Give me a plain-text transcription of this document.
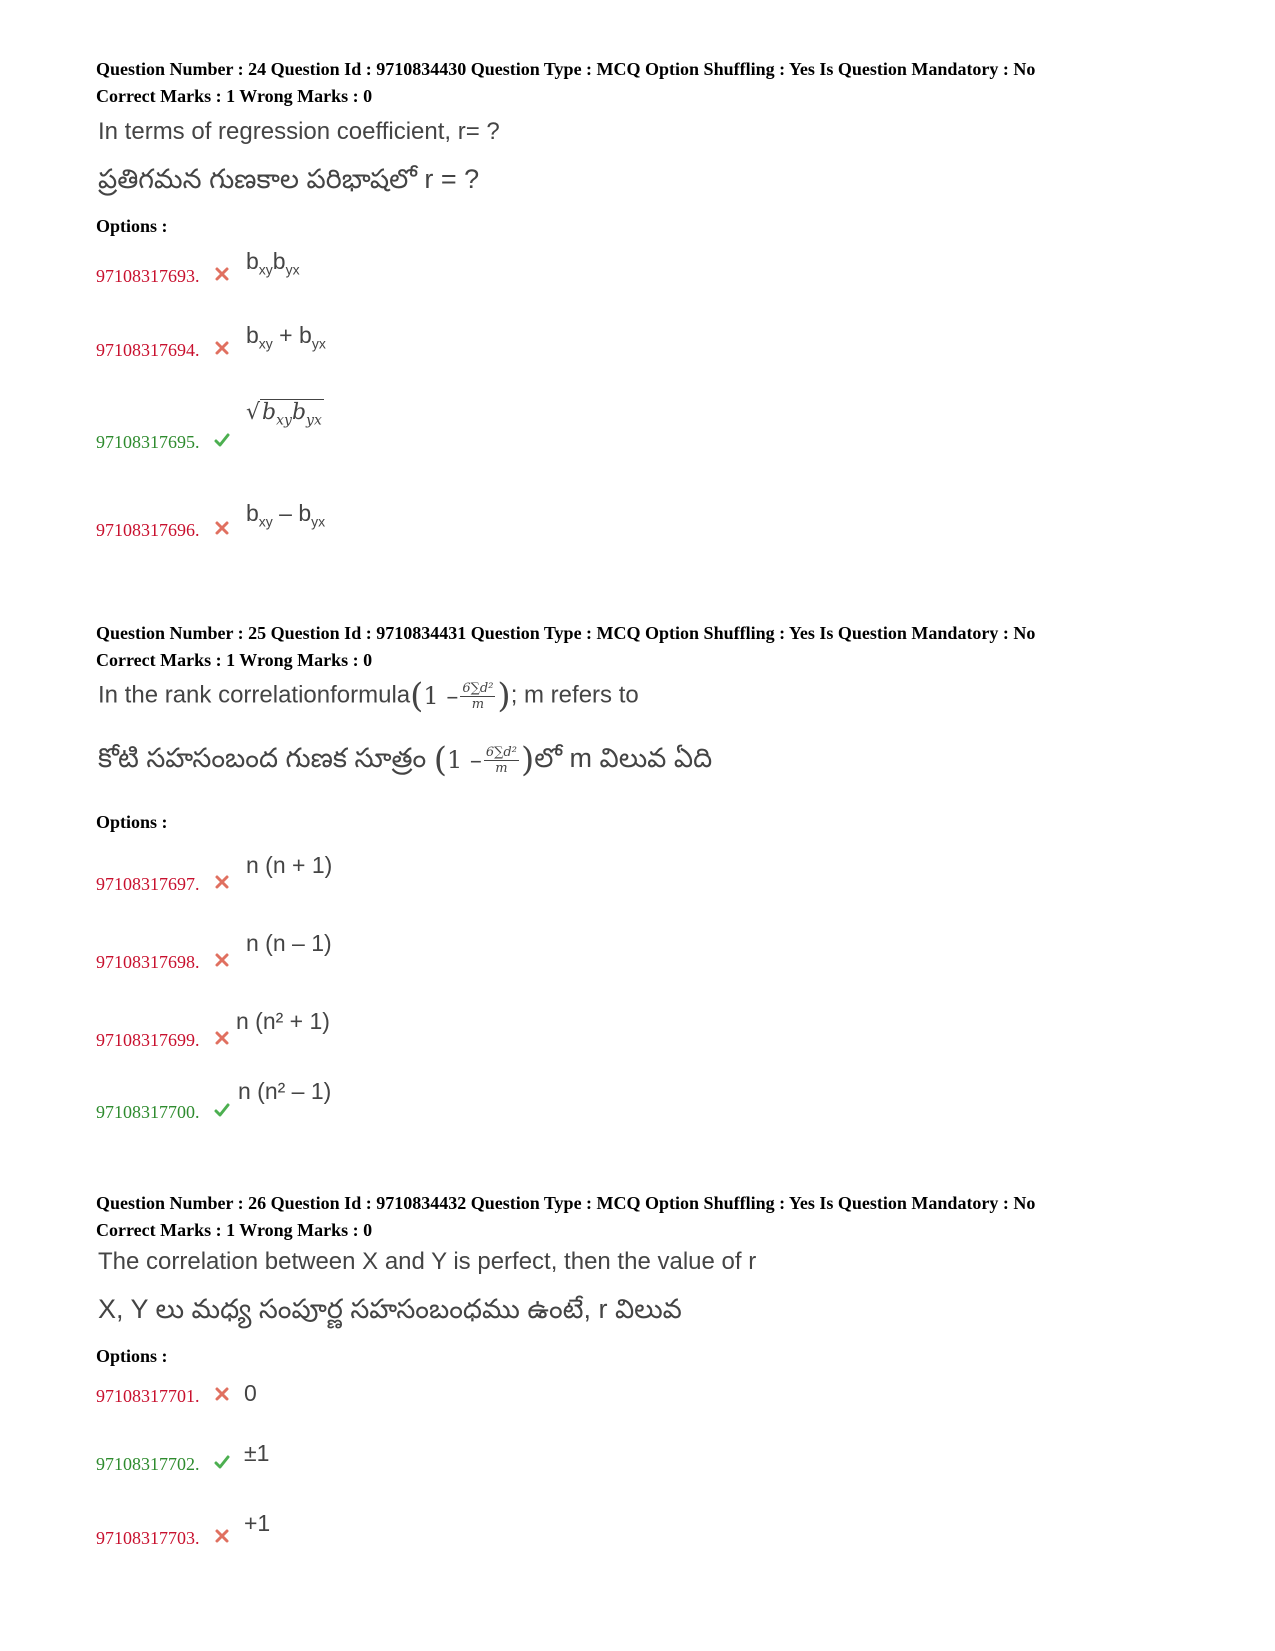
Question Number : 24 Question Id : 9710834430 Question Type : MCQ Option Shuffling : Yes Is Question Mandatory : No
Correct Marks : 1 Wrong Marks : 0
In terms of regression coefficient, r= ?
ప్రతిగమన గుణకాల పరిభాషలో r = ?
Options :
97108317693.
$b_{xy}b_{yx}$
97108317694.
$b_{xy} + b_{yx}$
97108317695.
$√b_{xy}b_{yx}$
97108317696.
$b_{xy} - b_{yx}$
Question Number : 25 Question Id : 9710834431 Question Type : MCQ Option Shuffling : Yes Is Question Mandatory : No
Correct Marks : 1 Wrong Marks : 0
In the rank correlationformula(1 – $\frac{\text{6∑d²}}{m}$ ); m refers to
కోటి సహసంబంద గుణక సూత్రం ($1 - \frac{\text{6∑d²}}{m}$ )లో m విలువ ఏది
Options :
97108317697.
n (n + 1)
97108317698.
n (n – 1)
97108317699.
n (n² + 1)
97108317700.
n (n² – 1)
Question Number : 26 Question Id : 9710834432 Question Type : MCQ Option Shuffling : Yes Is Question Mandatory : No
Correct Marks : 1 Wrong Marks : 0
The correlation between X and Y is perfect, then the value of r
X, Y లు మధ్య సంపూర్ణ సహసంబంధము ఉంటే, r విలువ
Options :
97108317701. 0
97108317702. ±1
97108317703.
+1
